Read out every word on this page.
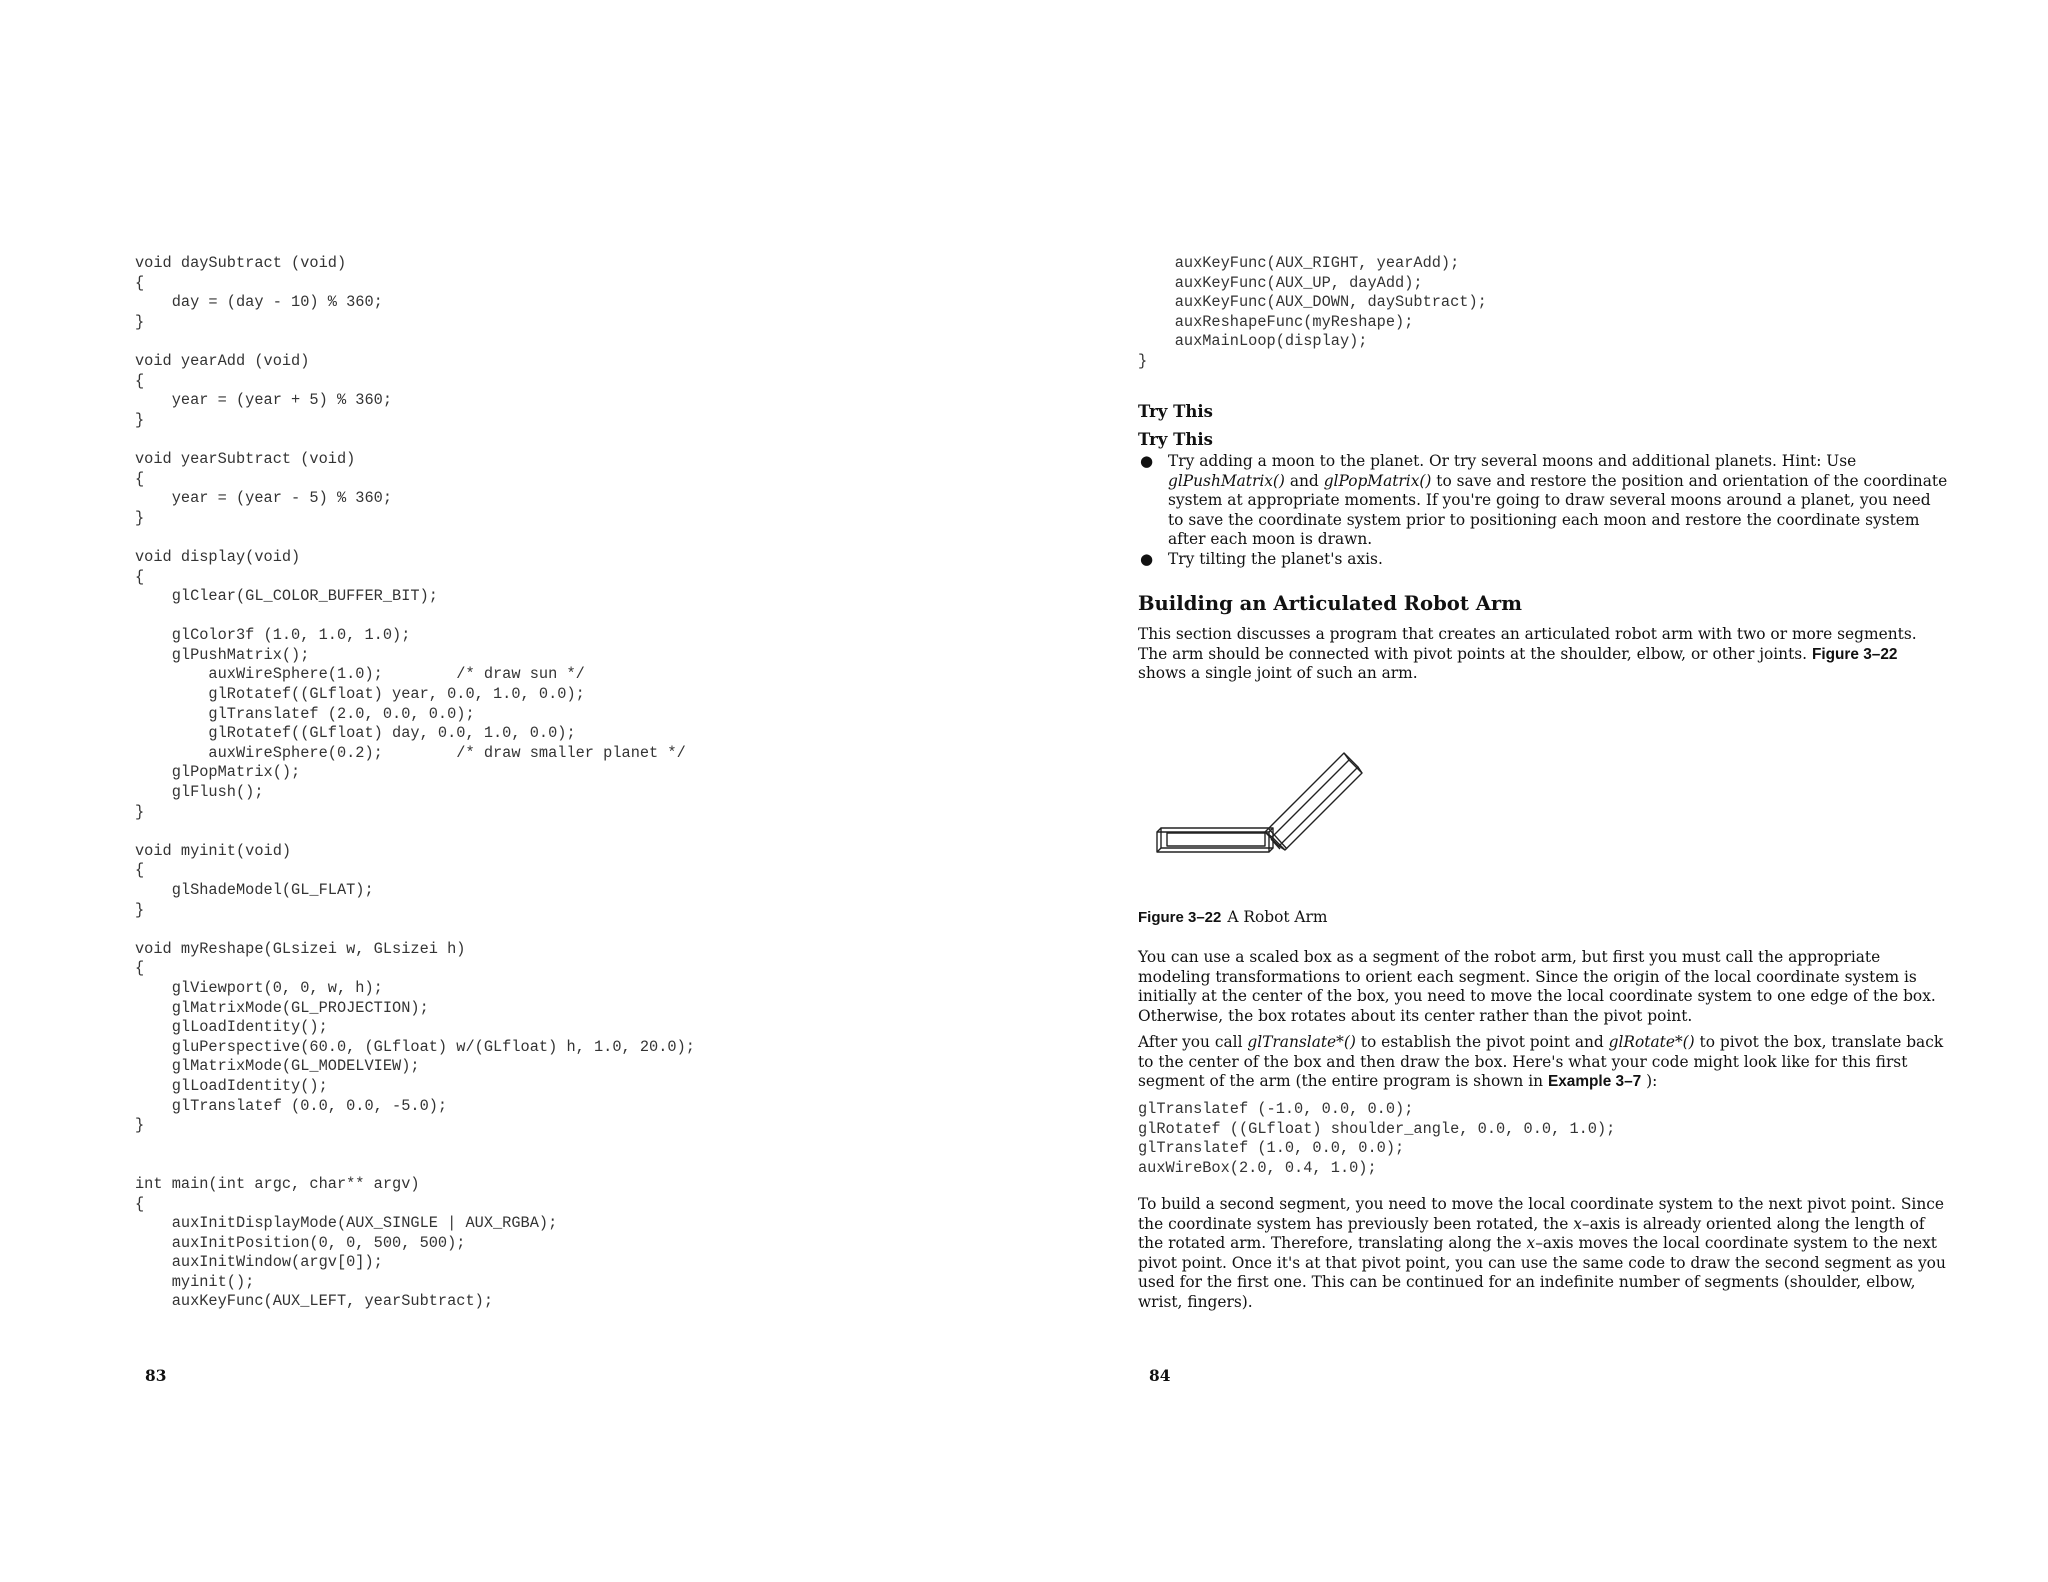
void daySubtract (void)
{
day = (day - 10) % 360;
}

void yearAdd (void)
{
year = (year + 5) % 360;
}

void yearSubtract (void)
{
year = (year - 5) % 360;
}

void display(void)
{
glClear(GL_COLOR_BUFFER_BIT);

glColor3f (1.0, 1.0, 1.0);
glPushMatrix();
auxWireSphere(1.0);        /* draw sun */
glRotatef((GLfloat) year, 0.0, 1.0, 0.0);
glTranslatef (2.0, 0.0, 0.0);
glRotatef((GLfloat) day, 0.0, 1.0, 0.0);
auxWireSphere(0.2);        /* draw smaller planet */
glPopMatrix();
glFlush();
}

void myinit(void)
{
glShadeModel(GL_FLAT);
}

void myReshape(GLsizei w, GLsizei h)
{
glViewport(0, 0, w, h);
glMatrixMode(GL_PROJECTION);
glLoadIdentity();
gluPerspective(60.0, (GLfloat) w/(GLfloat) h, 1.0, 20.0);
glMatrixMode(GL_MODELVIEW);
glLoadIdentity();
glTranslatef (0.0, 0.0, -5.0);
}

int main(int argc, char** argv)
{
auxInitDisplayMode(AUX_SINGLE | AUX_RGBA);
auxInitPosition(0, 0, 500, 500);
auxInitWindow(argv[0]);
myinit();
auxKeyFunc(AUX_LEFT, yearSubtract);
83
auxKeyFunc(AUX_RIGHT, yearAdd);
auxKeyFunc(AUX_UP, dayAdd);
auxKeyFunc(AUX_DOWN, daySubtract);
auxReshapeFunc(myReshape);
auxMainLoop(display);
}
Try This
Try This
● Try adding a moon to the planet. Or try several moons and additional planets. Hint: Use glPushMatrix() and glPopMatrix() to save and restore the position and orientation of the coordinate system at appropriate moments. If you're going to draw several moons around a planet, you need to save the coordinate system prior to positioning each moon and restore the coordinate system after each moon is drawn.
● Try tilting the planet's axis.
Building an Articulated Robot Arm

This section discusses a program that creates an articulated robot arm with two or more segments. The arm should be connected with pivot points at the shoulder, elbow, or other joints. Figure 3–22 shows a single joint of such an arm.

Figure 3–22 A Robot Arm

You can use a scaled box as a segment of the robot arm, but first you must call the appropriate modeling transformations to orient each segment. Since the origin of the local coordinate system is initially at the center of the box, you need to move the local coordinate system to one edge of the box. Otherwise, the box rotates about its center rather than the pivot point.

After you call glTranslate*() to establish the pivot point and glRotate*() to pivot the box, translate back to the center of the box and then draw the box. Here's what your code might look like for this first segment of the arm (the entire program is shown in Example 3–7 ):

glTranslatef (-1.0, 0.0, 0.0);
glRotatef ((GLfloat) shoulder_angle, 0.0, 0.0, 1.0);
glTranslatef (1.0, 0.0, 0.0);
auxWireBox(2.0, 0.4, 1.0);

To build a second segment, you need to move the local coordinate system to the next pivot point. Since the coordinate system has previously been rotated, the x–axis is already oriented along the length of the rotated arm. Therefore, translating along the x–axis moves the local coordinate system to the next pivot point. Once it's at that pivot point, you can use the same code to draw the second segment as you used for the first one. This can be continued for an indefinite number of segments (shoulder, elbow, wrist, fingers).

84
